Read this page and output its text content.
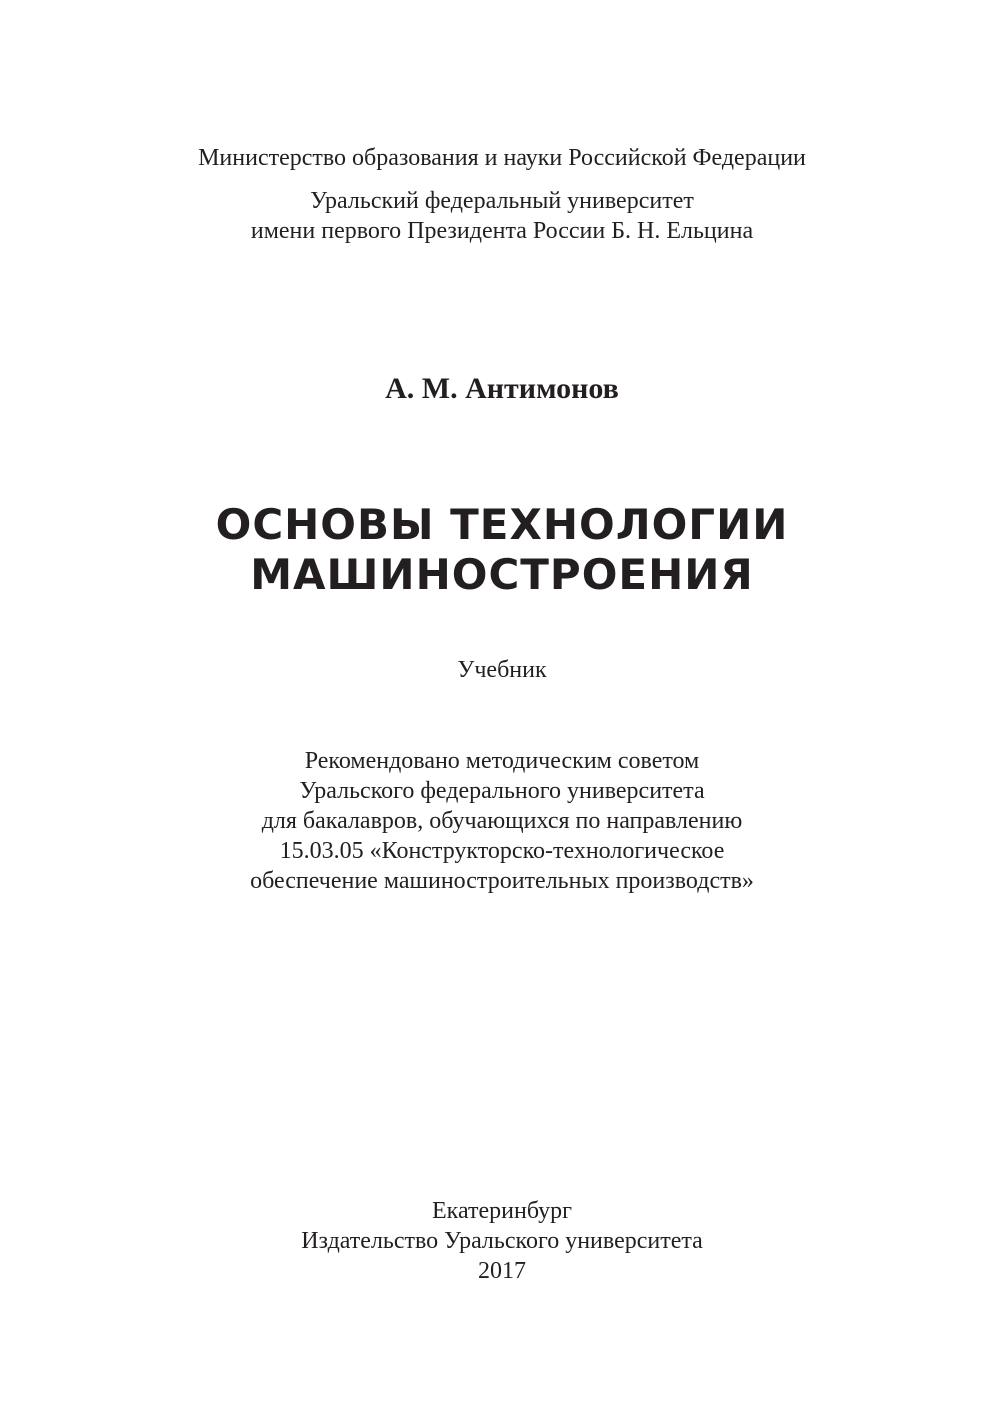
Министерство образования и науки Российской Федерации
Уральский федеральный университет
имени первого Президента России Б. Н. Ельцина
А. М. Антимонов
ОСНОВЫ ТЕХНОЛОГИИ
МАШИНОСТРОЕНИЯ
Учебник
Рекомендовано методическим советом
Уральского федерального университета
для бакалавров, обучающихся по направлению
15.03.05 «Конструкторско-технологическое
обеспечение машиностроительных производств»
Екатеринбург
Издательство Уральского университета
2017
